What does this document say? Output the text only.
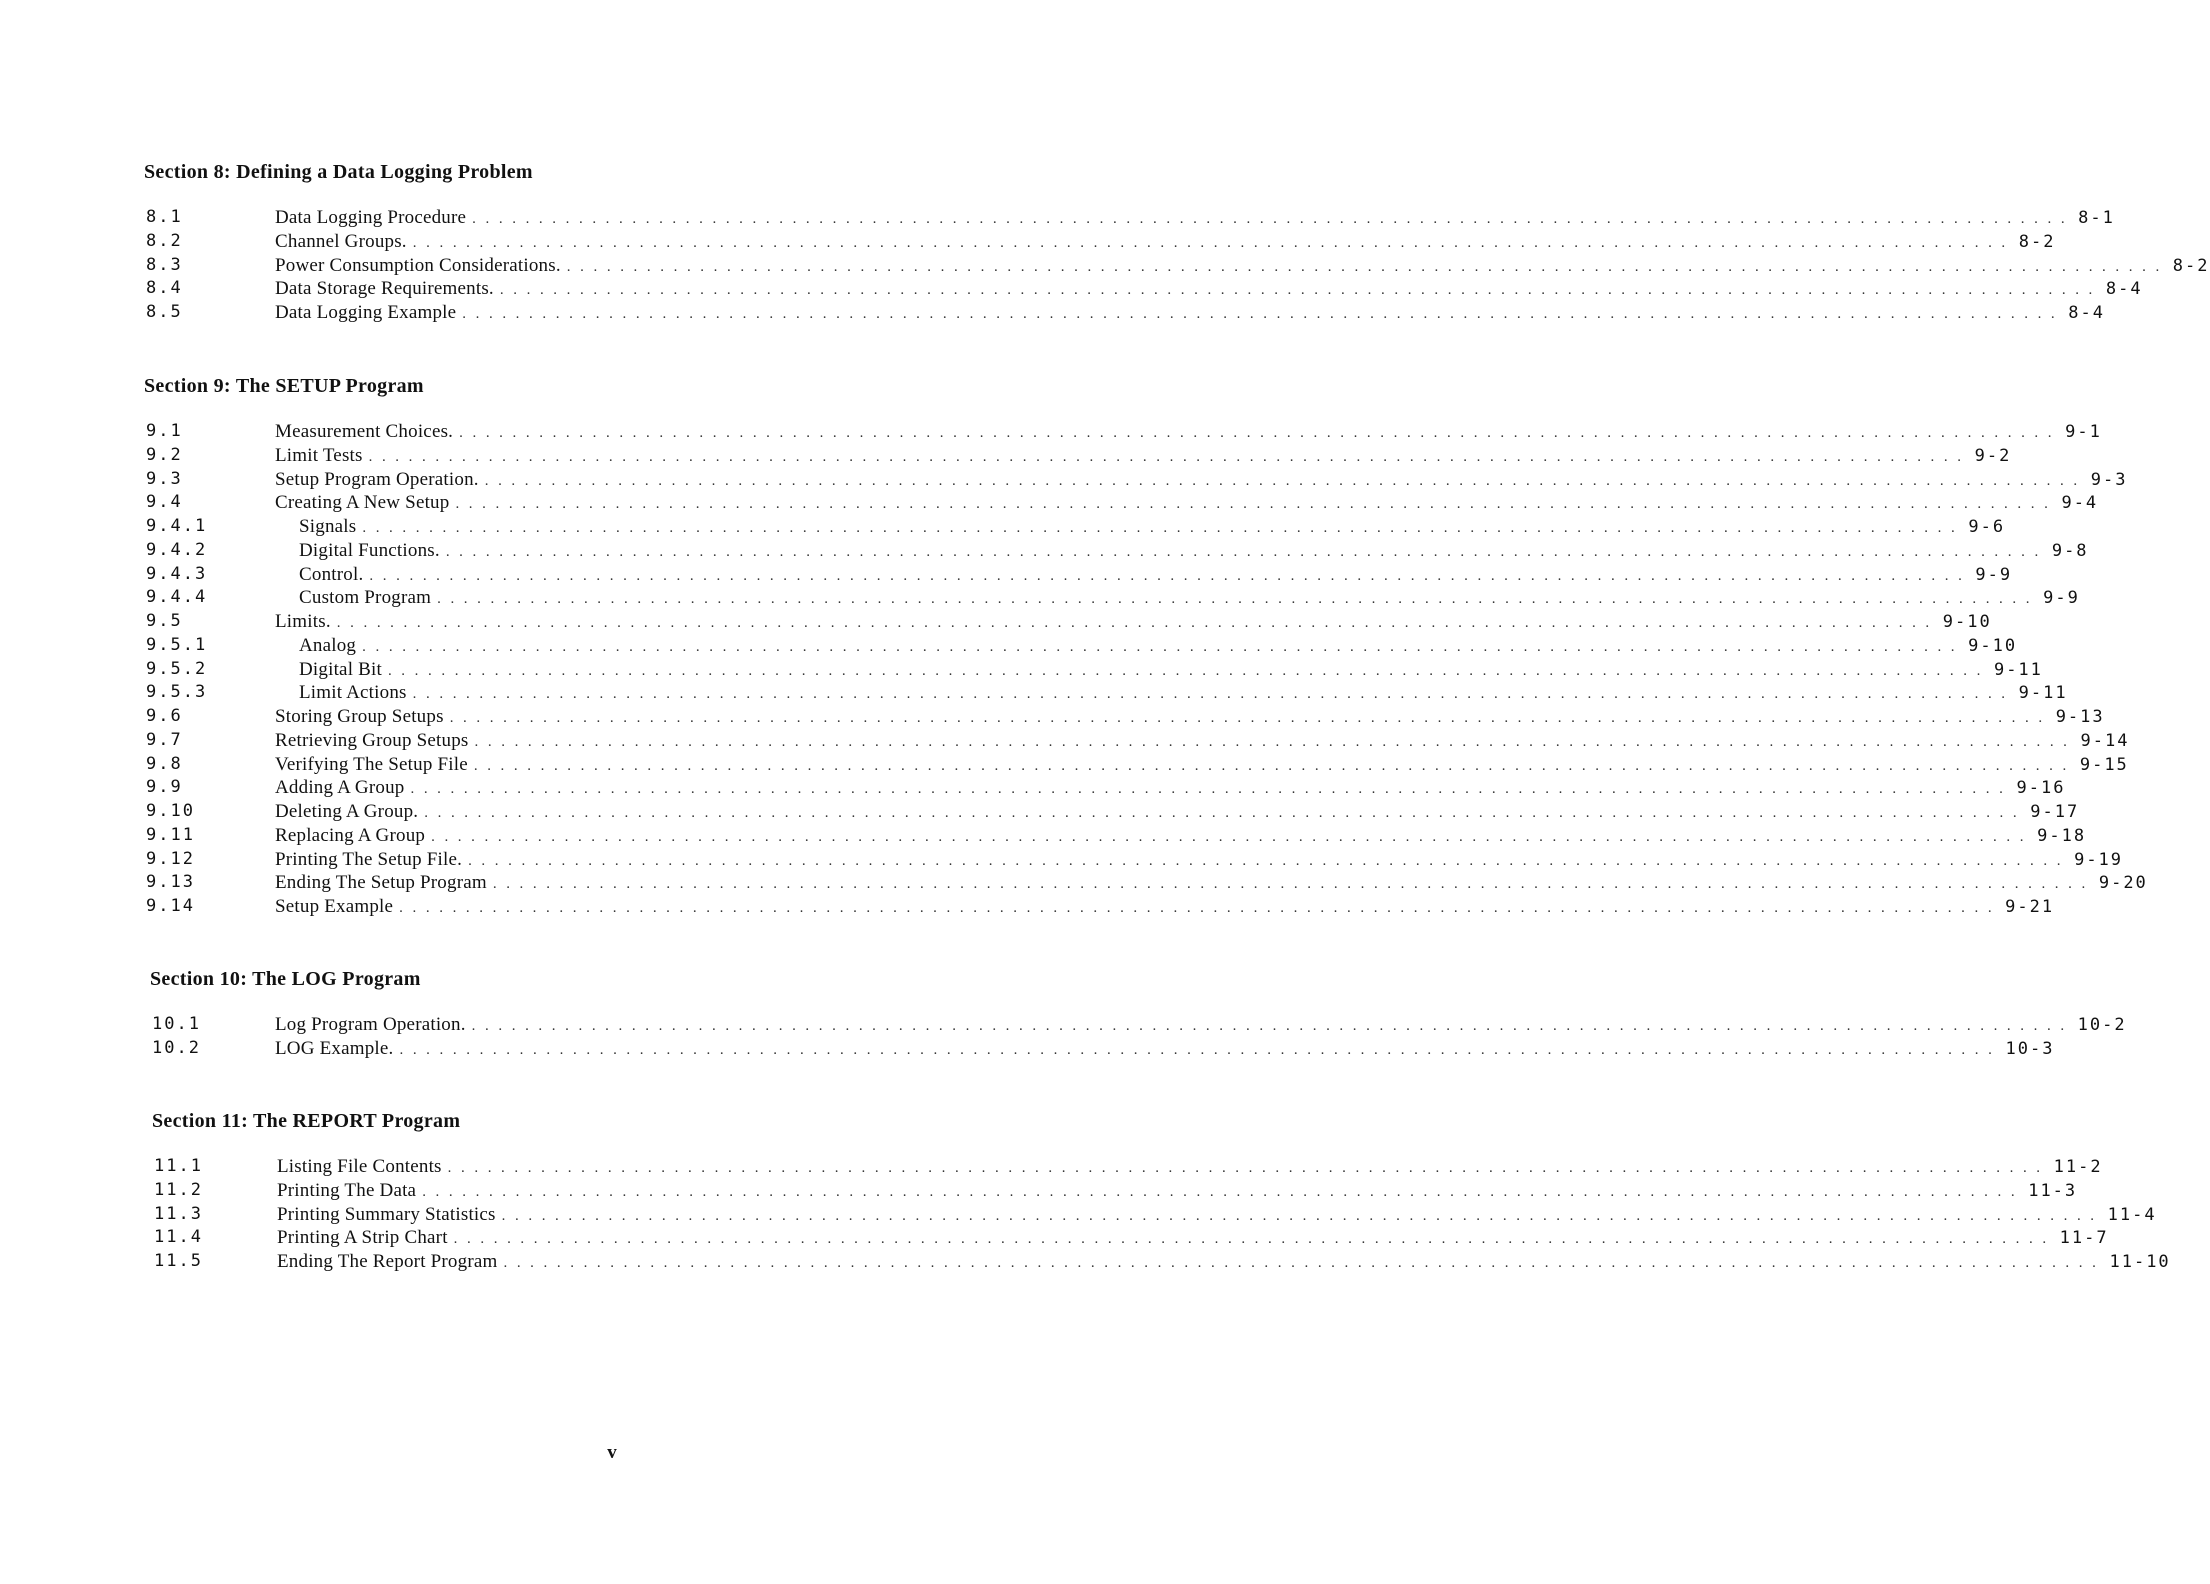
Section 8: Defining a Data Logging Problem
8.1	Data Logging Procedure ........................................................................................................................ 8-1
8.2	Channel Groups. ........................................................................................................................ 8-2
8.3	Power Consumption Considerations. ........................................................................................................................ 8-2
8.4	Data Storage Requirements. ........................................................................................................................ 8-4
8.5	Data Logging Example ........................................................................................................................ 8-4
Section 9: The SETUP Program
9.1	Measurement Choices. ........................................................................................................................ 9-1
9.2	Limit Tests ........................................................................................................................ 9-2
9.3	Setup Program Operation. ........................................................................................................................ 9-3
9.4	Creating A New Setup ........................................................................................................................ 9-4
9.4.1	Signals ........................................................................................................................ 9-6
9.4.2	Digital Functions. ........................................................................................................................ 9-8
9.4.3	Control. ........................................................................................................................ 9-9
9.4.4	Custom Program ........................................................................................................................ 9-9
9.5	Limits. ........................................................................................................................ 9-10
9.5.1	Analog ........................................................................................................................ 9-10
9.5.2	Digital Bit ........................................................................................................................ 9-11
9.5.3	Limit Actions ........................................................................................................................ 9-11
9.6	Storing Group Setups ........................................................................................................................ 9-13
9.7	Retrieving Group Setups ........................................................................................................................ 9-14
9.8	Verifying The Setup File ........................................................................................................................ 9-15
9.9	Adding A Group ........................................................................................................................ 9-16
9.10	Deleting A Group. ........................................................................................................................ 9-17
9.11	Replacing A Group ........................................................................................................................ 9-18
9.12	Printing The Setup File. ........................................................................................................................ 9-19
9.13	Ending The Setup Program ........................................................................................................................ 9-20
9.14	Setup Example ........................................................................................................................ 9-21
Section 10: The LOG Program
10.1	Log Program Operation. ........................................................................................................................ 10-2
10.2	LOG Example. ........................................................................................................................ 10-3
Section 11: The REPORT Program
11.1	Listing File Contents ........................................................................................................................ 11-2
11.2	Printing The Data ........................................................................................................................ 11-3
11.3	Printing Summary Statistics ........................................................................................................................ 11-4
11.4	Printing A Strip Chart ........................................................................................................................ 11-7
11.5	Ending The Report Program ........................................................................................................................ 11-10
v
